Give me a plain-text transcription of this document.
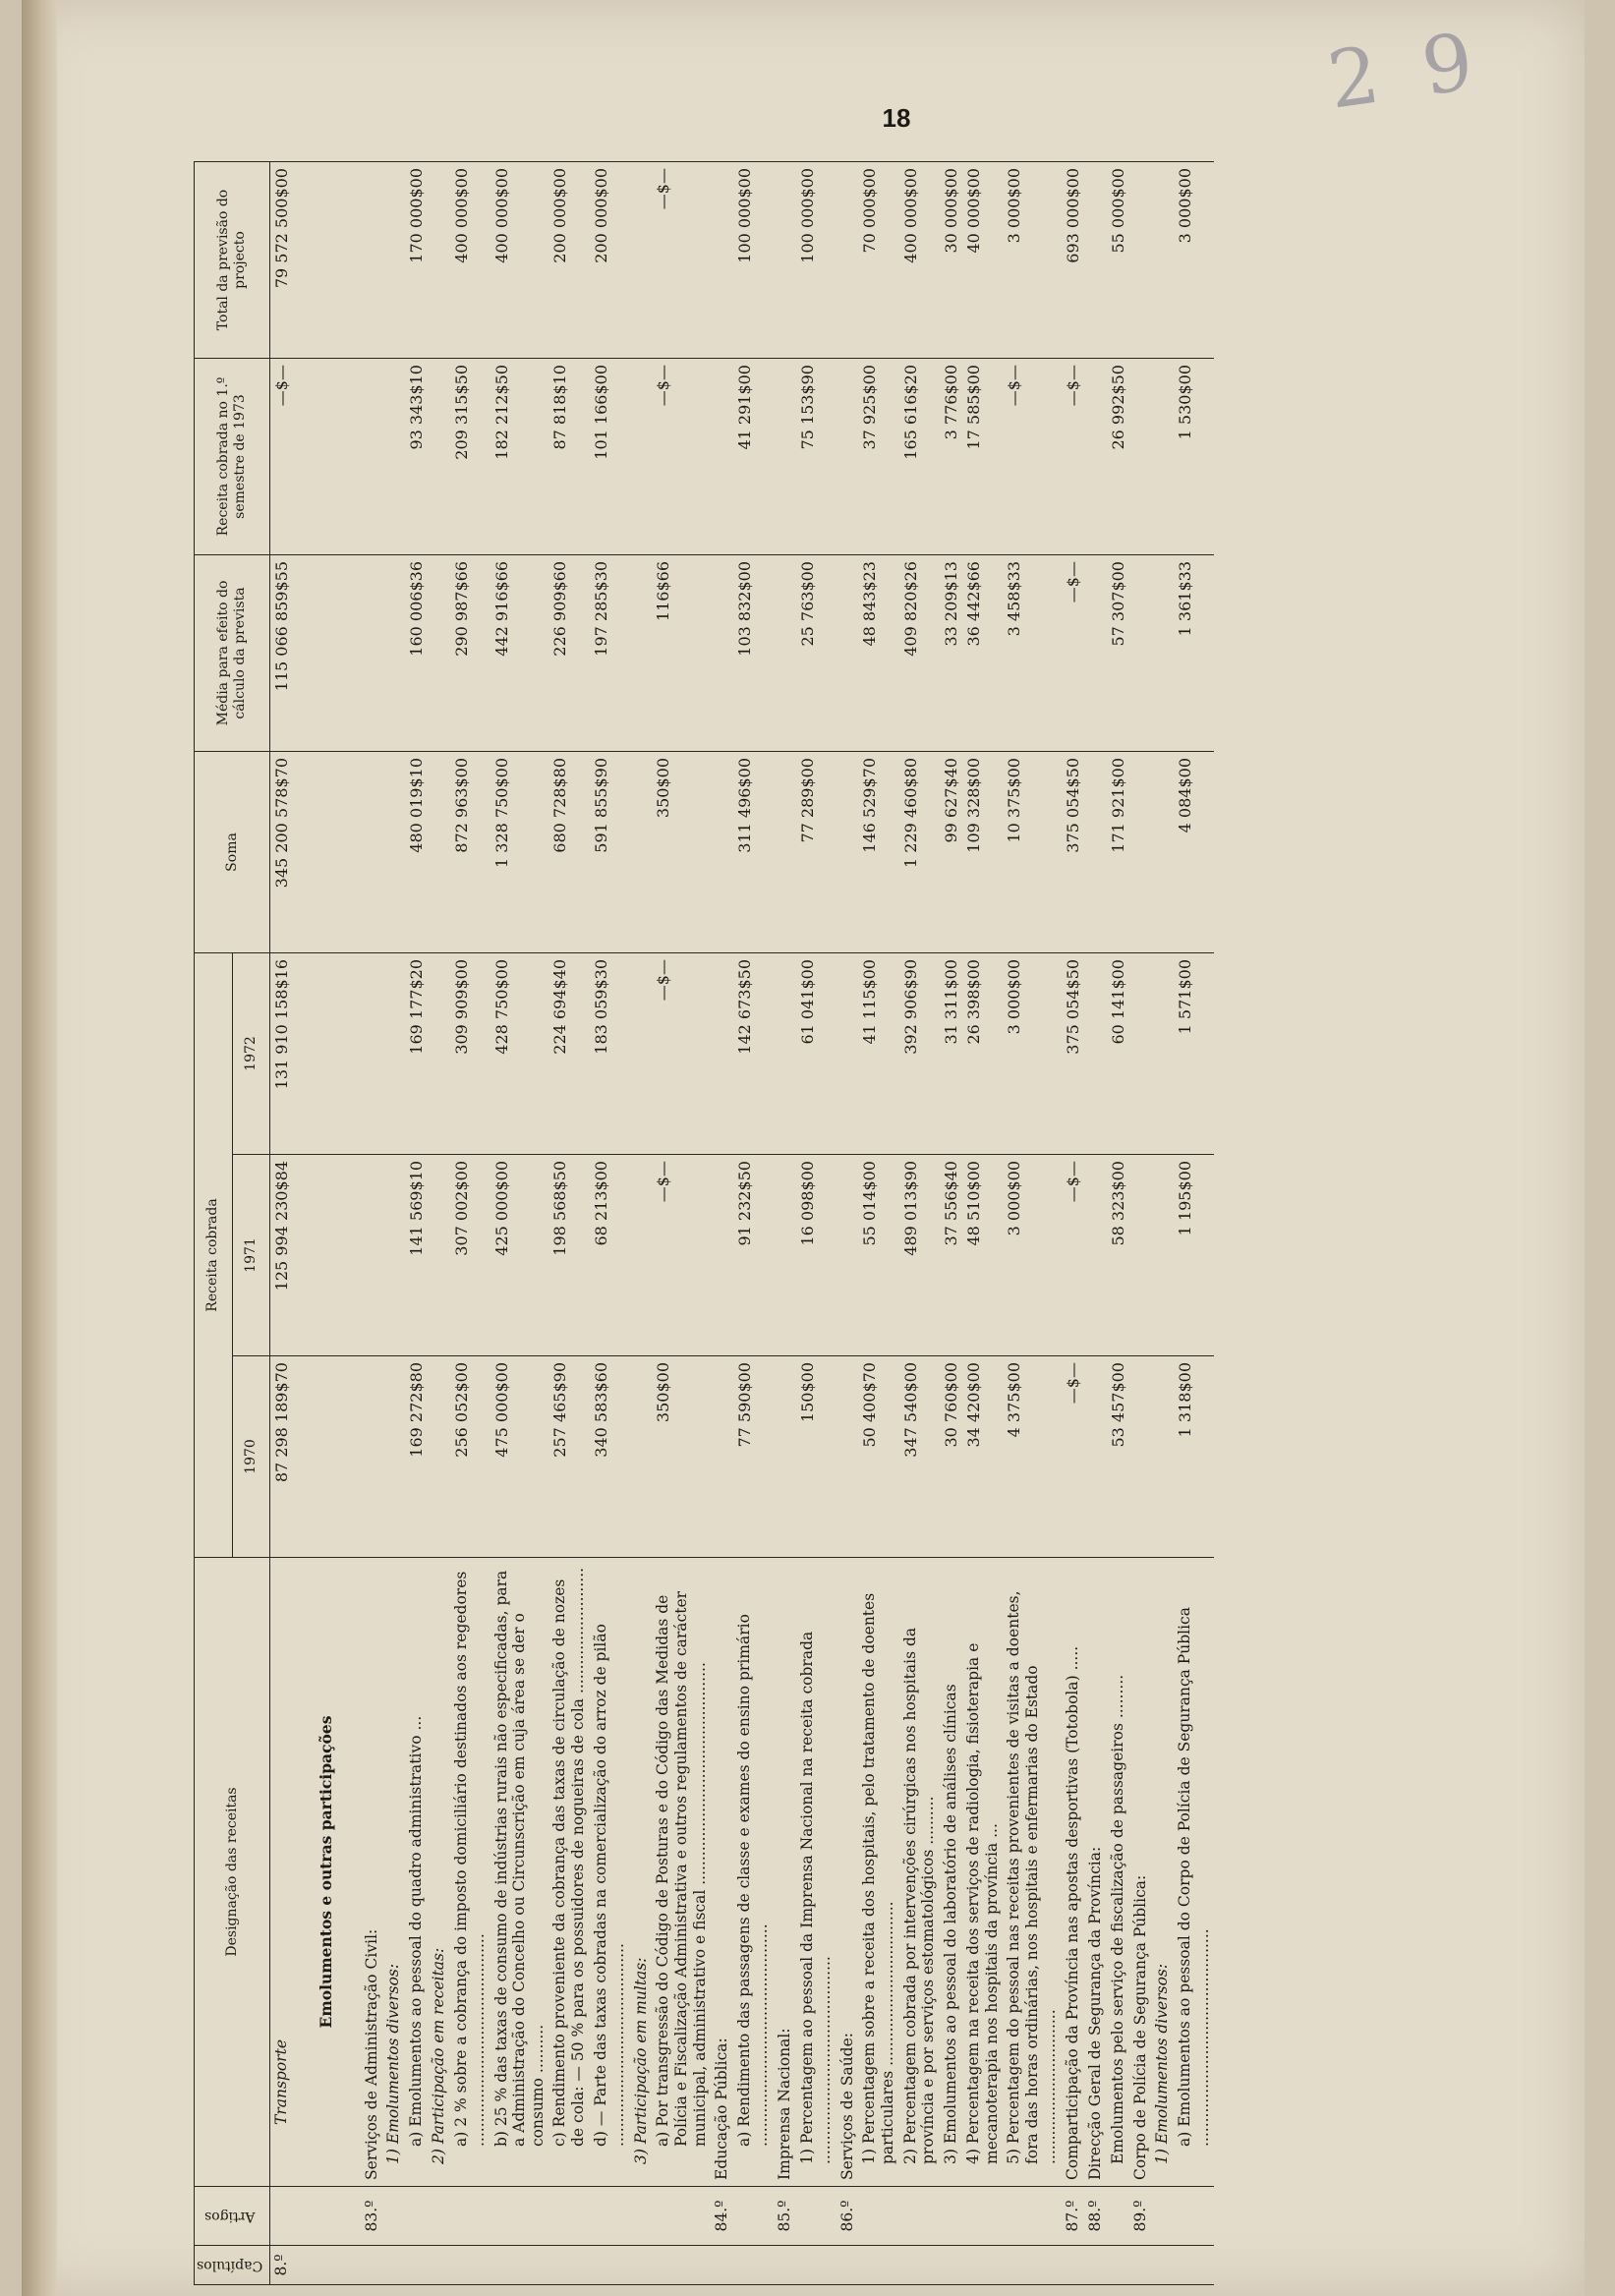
2 9
18
Capítulos	Artigos	Designação das receitas	Receita cobrada			Soma	Média para efeito do cálculo da prevista	Receita cobrada no 1.º semestre de 1973	Total da previsão do projecto
			1970	1971	1972				
8.º		Transporte	87 298 189$70	125 994 230$84	131 910 158$16	345 200 578$70	115 066 859$55	—$—	79 572 500$00
		Emolumentos e outras participações							
	83.º	Serviços de Administração Civil:							
		1) Emolumentos diversos:							
		a) Emolumentos ao pessoal do quadro administrativo ...	169 272$80	141 569$10	169 177$20	480 019$10	160 006$36	93 343$10	170 000$00
		2) Participação em receitas:							
		a) 2 % sobre a cobrança do imposto domiciliário destinados aos regedores ............................................	256 052$00	307 002$00	309 909$00	872 963$00	290 987$66	209 315$50	400 000$00
		b) 25 % das taxas de consumo de indústrias rurais não especificadas, para a Administração do Concelho ou Circunscrição em cuja área se der o consumo ..........	475 000$00	425 000$00	428 750$00	1 328 750$00	442 916$66	182 212$50	400 000$00
		c) Rendimento proveniente da cobrança das taxas de circulação de nozes de cola: — 50 % para os possuidores de nogueiras de cola ..........................	257 465$90	198 568$50	224 694$40	680 728$80	226 909$60	87 818$10	200 000$00
		d) — Parte das taxas cobradas na comercialização do arroz de pilão ..........................................	340 583$60	68 213$00	183 059$30	591 855$90	197 285$30	101 166$00	200 000$00
		3) Participação em multas:							
		a) Por transgressão do Código de Posturas e do Código das Medidas de Polícia e Fiscalização Administrativa e outros regulamentos de carácter municipal, administrativo e fiscal ..............................................	350$00	—$—	—$—	350$00	116$66	—$—	—$—
	84.º	Educação Pública:							
		a) Rendimento das passagens de classe e exames do ensino primário ..............................................	77 590$00	91 232$50	142 673$50	311 496$00	103 832$00	41 291$00	100 000$00
	85.º	Imprensa Nacional:							
		1) Percentagem ao pessoal da Imprensa Nacional na receita cobrada ...........................................	150$00	16 098$00	61 041$00	77 289$00	25 763$00	75 153$90	100 000$00
	86.º	Serviços de Saúde:							
		1) Percentagem sobre a receita dos hospitais, pelo tratamento de doentes particulares ..................................	50 400$70	55 014$00	41 115$00	146 529$70	48 843$23	37 925$00	70 000$00
		2) Percentagem cobrada por intervenções cirúrgicas nos hospitais da província e por serviços estomatológicos ..........	347 540$00	489 013$90	392 906$90	1 229 460$80	409 820$26	165 616$20	400 000$00
		3) Emolumentos ao pessoal do laboratório de análises clínicas	30 760$00	37 556$40	31 311$00	99 627$40	33 209$13	3 776$00	30 000$00
		4) Percentagem na receita dos serviços de radiologia, fisioterapia e mecanoterapia nos hospitais da província ...	34 420$00	48 510$00	26 398$00	109 328$00	36 442$66	17 585$00	40 000$00
		5) Percentagem do pessoal nas receitas provenientes de visitas a doentes, fora das horas ordinárias, nos hospitais e enfermarias do Estado ................................	4 375$00	3 000$00	3 000$00	10 375$00	3 458$33	—$—	3 000$00
	87.º	Comparticipação da Província nas apostas desportivas (Totobola) .....	—$—	—$—	375 054$50	375 054$50	—$—	—$—	693 000$00
	88.º	Direcção Geral de Segurança da Província:							
		Emolumentos pelo serviço de fiscalização de passageiros .........	53 457$00	58 323$00	60 141$00	171 921$00	57 307$00	26 992$50	55 000$00
	89.º	Corpo de Polícia de Segurança Pública:							
		1) Emolumentos diversos:							
		a) Emolumentos ao pessoal do Corpo de Polícia de Segurança Pública .............................................	1 318$00	1 195$00	1 571$00	4 084$00	1 361$33	1 530$00	3 000$00
